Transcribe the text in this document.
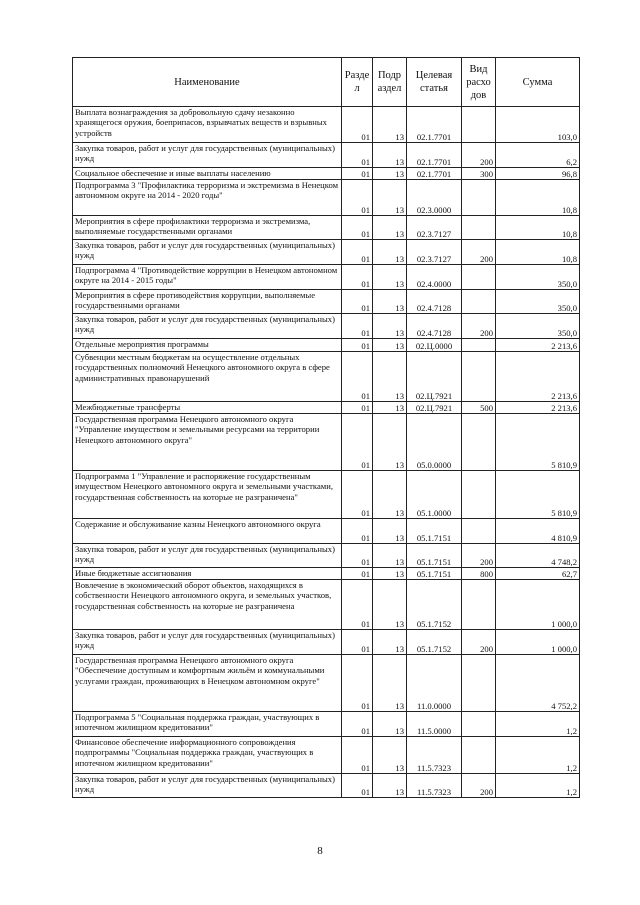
Наименование	Разде л	Подр аздел	Целевая статья	Вид расхо дов	Сумма
Выплата вознаграждения за добровольную сдачу незаконно хранящегося оружия, боеприпасов, взрывчатых веществ и взрывных устройств	01	13	02.1.7701		103,0
Закупка товаров, работ и услуг для государственных (муниципальных) нужд	01	13	02.1.7701	200	6,2
Социальное обеспечение и иные выплаты населению	01	13	02.1.7701	300	96,8
Подпрограмма 3 "Профилактика терроризма и экстремизма в Ненецком автономном округе на 2014 - 2020 годы"	01	13	02.3.0000		10,8
Мероприятия в сфере профилактики терроризма и экстремизма, выполняемые государственными органами	01	13	02.3.7127		10,8
Закупка товаров, работ и услуг для государственных (муниципальных) нужд	01	13	02.3.7127	200	10,8
Подпрограмма 4 "Противодействие коррупции в Ненецком автономном округе на 2014 - 2015 годы"	01	13	02.4.0000		350,0
Мероприятия в сфере противодействия коррупции, выполняемые государственными органами	01	13	02.4.7128		350,0
Закупка товаров, работ и услуг для государственных (муниципальных) нужд	01	13	02.4.7128	200	350,0
Отдельные мероприятия программы	01	13	02.Ц.0000		2 213,6
Субвенции местным бюджетам на осуществление отдельных государственных полномочий Ненецкого автономного округа в сфере административных правонарушений	01	13	02.Ц.7921		2 213,6
Межбюджетные трансферты	01	13	02.Ц.7921	500	2 213,6
Государственная программа Ненецкого автономного округа "Управление имуществом и земельными ресурсами на территории Ненецкого автономного округа"	01	13	05.0.0000		5 810,9
Подпрограмма 1 "Управление и распоряжение государственным имуществом Ненецкого автономного округа и земельными участками, государственная собственность на которые не разграничена"	01	13	05.1.0000		5 810,9
Содержание и обслуживание казны Ненецкого автономного округа	01	13	05.1.7151		4 810,9
Закупка товаров, работ и услуг для государственных (муниципальных) нужд	01	13	05.1.7151	200	4 748,2
Иные бюджетные ассигнования	01	13	05.1.7151	800	62,7
Вовлечение в экономический оборот объектов, находящихся в собственности Ненецкого автономного округа, и земельных участков, государственная собственность на которые не разграничена	01	13	05.1.7152		1 000,0
Закупка товаров, работ и услуг для государственных (муниципальных) нужд	01	13	05.1.7152	200	1 000,0
Государственная программа Ненецкого автономного округа "Обеспечение доступным и комфортным жильём и коммунальными услугами граждан, проживающих в Ненецком автономном округе"	01	13	11.0.0000		4 752,2
Подпрограмма 5 "Социальная поддержка граждан, участвующих в ипотечном жилищном кредитовании"	01	13	11.5.0000		1,2
Финансовое обеспечение информационного сопровождения подпрограммы "Социальная поддержка граждан, участвующих в ипотечном жилищном кредитовании"	01	13	11.5.7323		1,2
Закупка товаров, работ и услуг для государственных (муниципальных) нужд	01	13	11.5.7323	200	1,2
8
